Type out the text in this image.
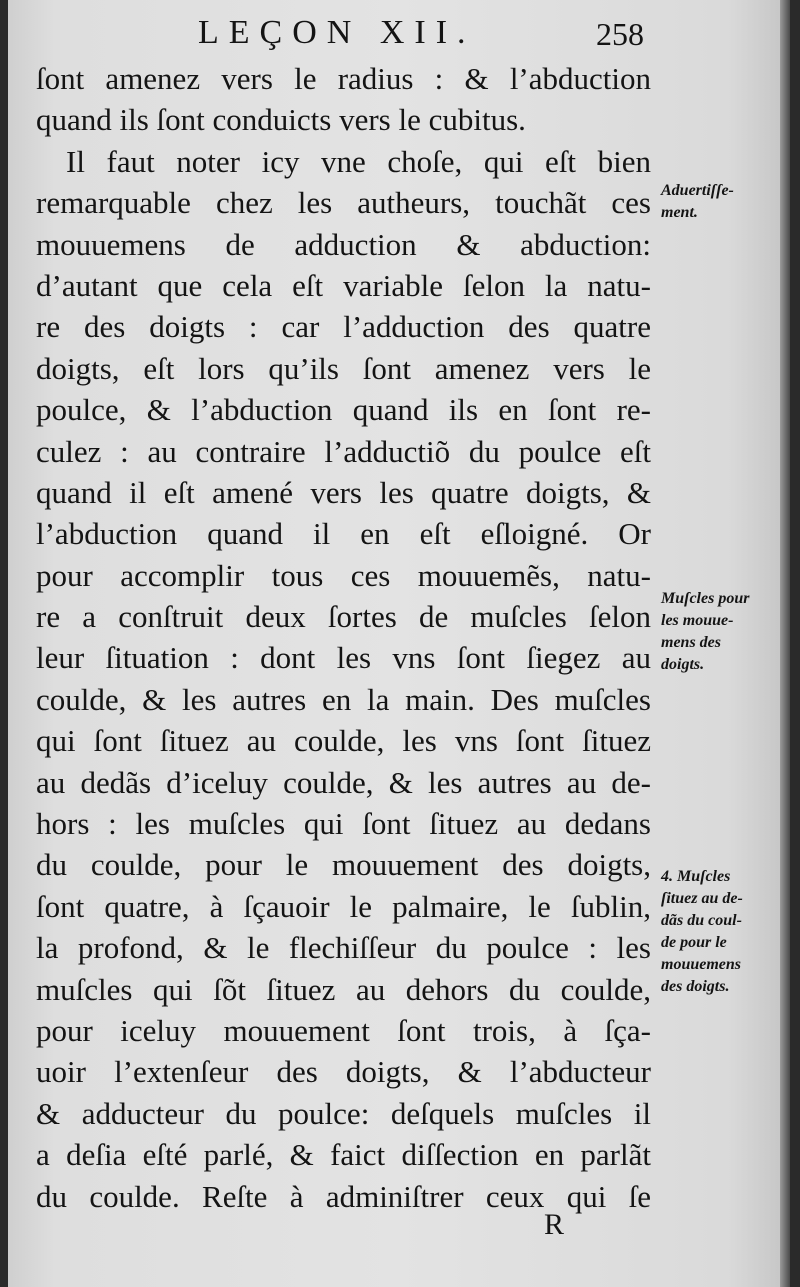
LEÇON XII.	258
ſont amenez vers le radius : & l’abduction
quand ils ſont conduicts vers le cubitus.
Il faut noter icy vne choſe, qui eſt bien
remarquable chez les autheurs, touchãt ces
mouuemens de adduction & abduction:
d’autant que cela eſt variable ſelon la natu-
re des doigts : car l’adduction des quatre
doigts, eſt lors qu’ils ſont amenez vers le
poulce, & l’abduction quand ils en ſont re-
culez : au contraire l’adductiõ du poulce eſt
quand il eſt amené vers les quatre doigts, &
l’abduction quand il en eſt eſloigné. Or
pour accomplir tous ces mouuemẽs, natu-
re a conſtruit deux ſortes de muſcles ſelon
leur ſituation : dont les vns ſont ſiegez au
coulde, & les autres en la main. Des muſcles
qui ſont ſituez au coulde, les vns ſont ſituez
au dedãs d’iceluy coulde, & les autres au de-
hors : les muſcles qui ſont ſituez au dedans
du coulde, pour le mouuement des doigts,
ſont quatre, à ſçauoir le palmaire, le ſublin,
la profond, & le flechiſſeur du poulce : les
muſcles qui ſõt ſituez au dehors du coulde,
pour iceluy mouuement ſont trois, à ſça-
uoir l’extenſeur des doigts, & l’abducteur
& adducteur du poulce: deſquels muſcles il
a deſia eſté parlé, & faict diſſection en parlãt
du coulde. Reſte à adminiſtrer ceux qui ſe
Aduertiſſe-
ment.
Muſcles pour
les mouue-
mens des
doigts.
4. Muſcles
ſituez au de-
dãs du coul-
de pour le
mouuemens
des doigts.
R
